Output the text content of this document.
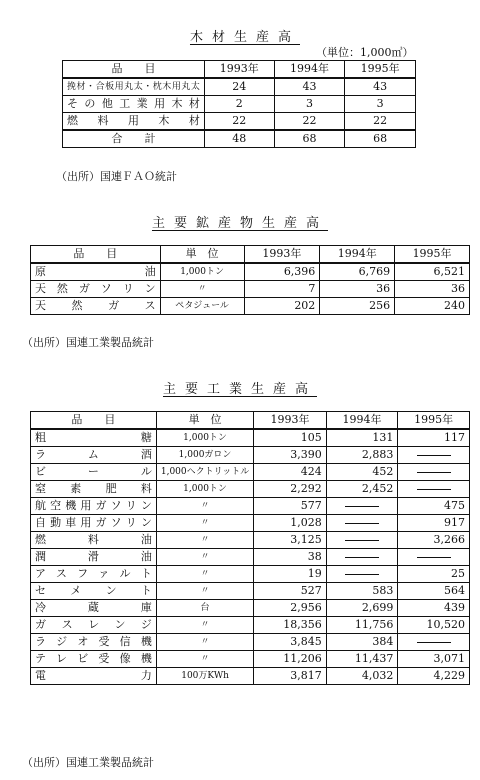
木材生産高
（単位：1,000㎥）
品　　目	1993年	1994年	1995年
挽材・合板用丸太・枕木用丸太	24	43	43
その他工業用木材	2	3	3
燃料用木材	22	22	22
合　　計	48	68	68
（出所）国連ＦＡＯ統計
主要鉱産物生産高
品　　目	単　位	1993年	1994年	1995年
原油	1,000トン	6,396	6,769	6,521
天然ガソリン	〃	7	36	36
天然ガス	ペタジュール	202	256	240
（出所）国連工業製品統計
主要工業生産高
品　　目	単　位	1993年	1994年	1995年
粗糖	1,000トン	105	131	117
ラム酒	1,000ガロン	3,390	2,883	
ビール	1,000ヘクトリットル	424	452	
窒素肥料	1,000トン	2,292	2,452	
航空機用ガソリン	〃	577		475
自動車用ガソリン	〃	1,028		917
燃料油	〃	3,125		3,266
潤滑油	〃	38		
アスファルト	〃	19		25
セメント	〃	527	583	564
冷蔵庫	台	2,956	2,699	439
ガスレンジ	〃	18,356	11,756	10,520
ラジオ受信機	〃	3,845	384	
テレビ受像機	〃	11,206	11,437	3,071
電力	100万KWh	3,817	4,032	4,229
（出所）国連工業製品統計
